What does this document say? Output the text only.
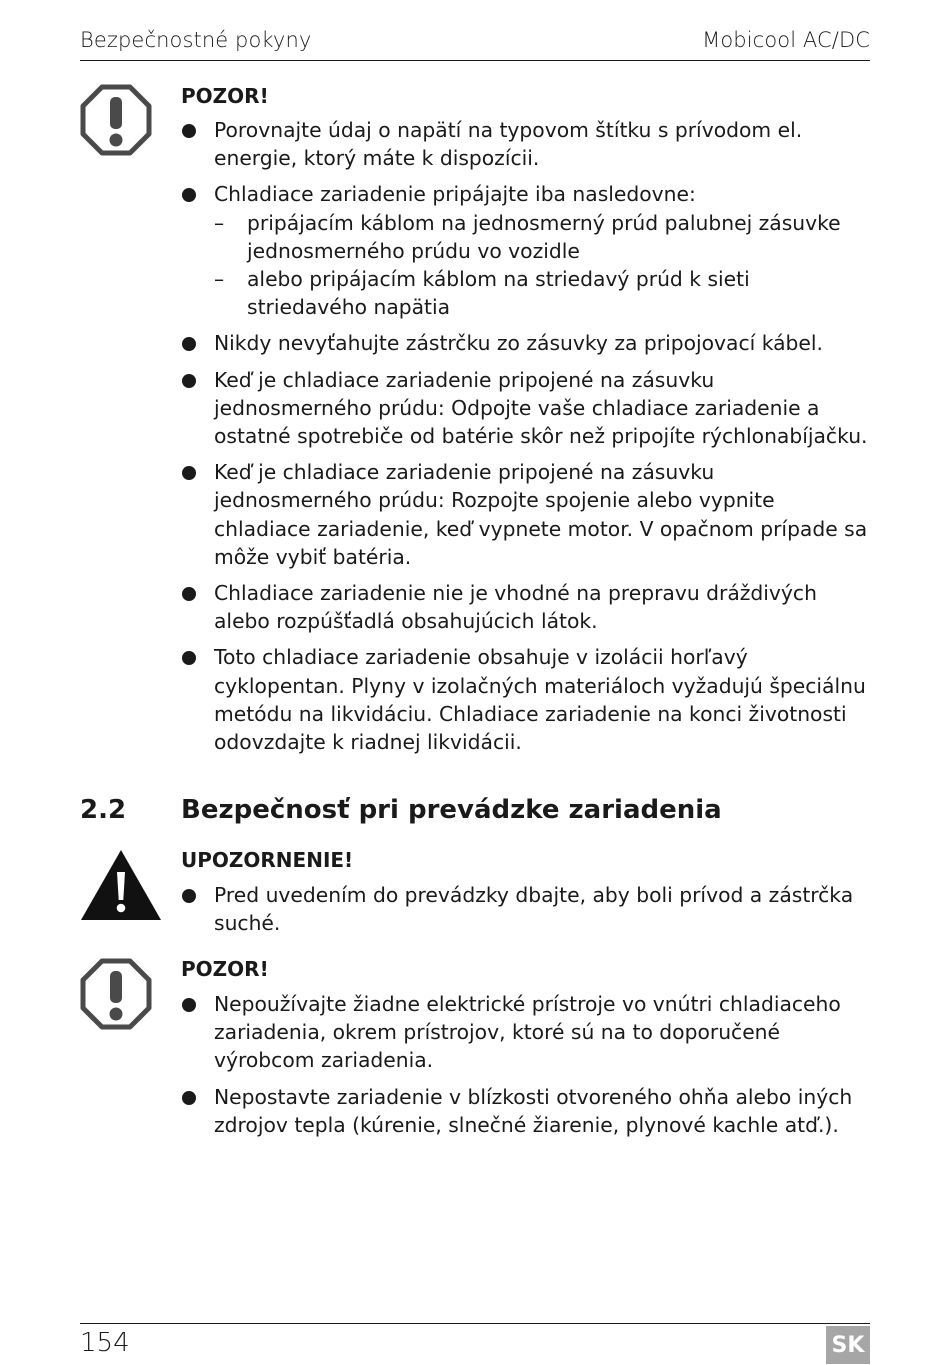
Bezpečnostné pokyny	Mobicool AC/DC
POZOR!
Porovnajte údaj o napätí na typovom štítku s prívodom el. energie, ktorý máte k dispozícii.
Chladiace zariadenie pripájajte iba nasledovne:
– pripájacím káblom na jednosmerný prúd palubnej zásuvke jednosmerného prúdu vo vozidle
– alebo pripájacím káblom na striedavý prúd k sieti striedavého napätia
Nikdy nevyťahujte zástrčku zo zásuvky za pripojovací kábel.
Keď je chladiace zariadenie pripojené na zásuvku jednosmerného prúdu: Odpojte vaše chladiace zariadenie a ostatné spotrebiče od batérie skôr než pripojíte rýchlonabíjačku.
Keď je chladiace zariadenie pripojené na zásuvku jednosmerného prúdu: Rozpojte spojenie alebo vypnite chladiace zariadenie, keď vypnete motor. V opačnom prípade sa môže vybiť batéria.
Chladiace zariadenie nie je vhodné na prepravu dráždivých alebo rozpúšťadlá obsahujúcich látok.
Toto chladiace zariadenie obsahuje v izolácii horľavý cyklopentan. Plyny v izolačných materiáloch vyžadujú špeciálnu metódu na likvidáciu. Chladiace zariadenie na konci životnosti odovzdajte k riadnej likvidácii.
2.2 Bezpečnosť pri prevádzke zariadenia
UPOZORNENIE!
Pred uvedením do prevádzky dbajte, aby boli prívod a zástrčka suché.
POZOR!
Nepoužívajte žiadne elektrické prístroje vo vnútri chladiaceho zariadenia, okrem prístrojov, ktoré sú na to doporučené výrobcom zariadenia.
Nepostavte zariadenie v blízkosti otvoreného ohňa alebo iných zdrojov tepla (kúrenie, slnečné žiarenie, plynové kachle atď.).
154	SK
